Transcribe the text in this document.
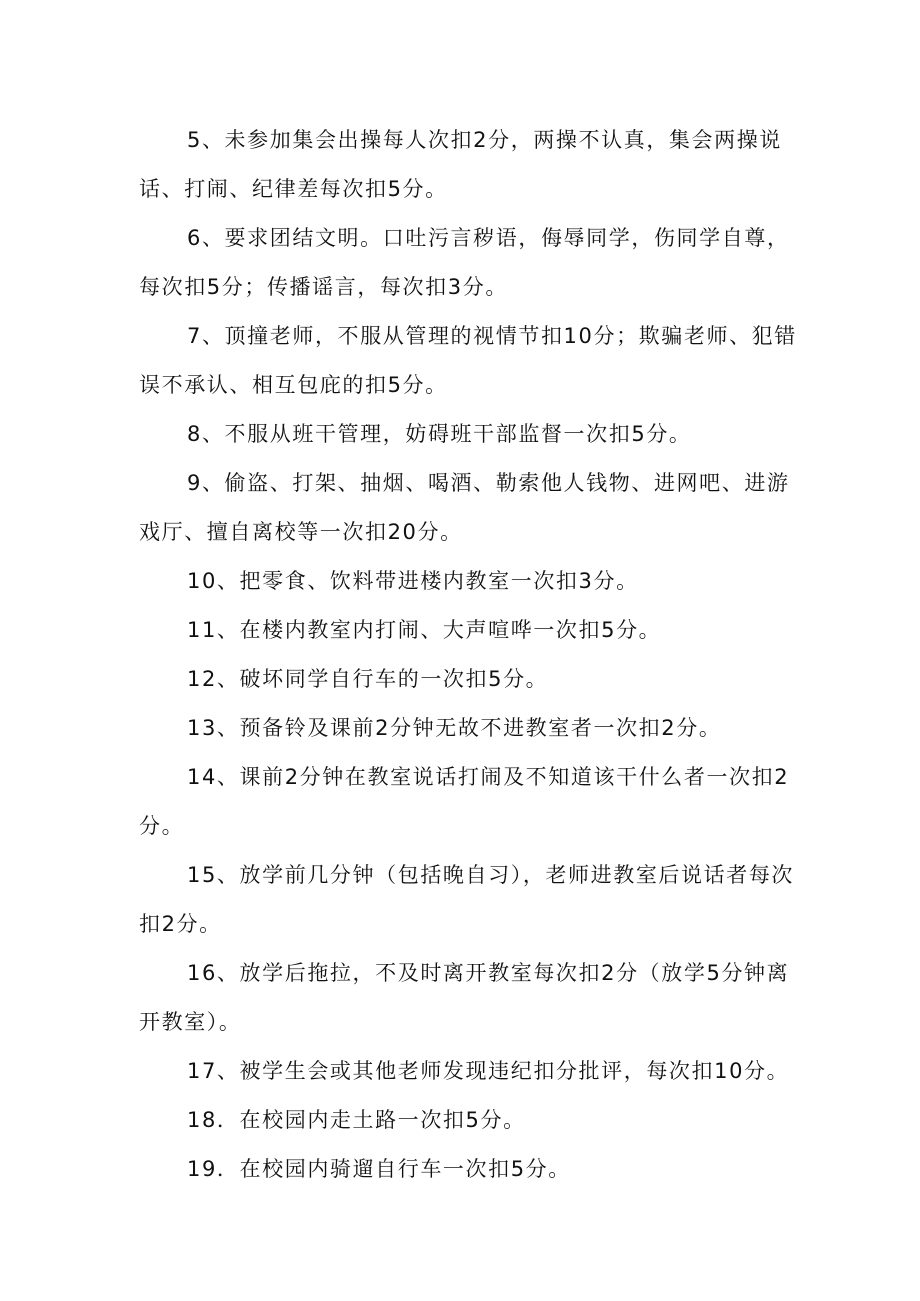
5、未参加集会出操每人次扣2分，两操不认真，集会两操说话、打闹、纪律差每次扣5分。

6、要求团结文明。口吐污言秽语，侮辱同学，伤同学自尊，每次扣5分；传播谣言，每次扣3分。

7、顶撞老师，不服从管理的视情节扣10分；欺骗老师、犯错误不承认、相互包庇的扣5分。

8、不服从班干管理，妨碍班干部监督一次扣5分。

9、偷盗、打架、抽烟、喝酒、勒索他人钱物、进网吧、进游戏厅、擅自离校等一次扣20分。

10、把零食、饮料带进楼内教室一次扣3分。

11、在楼内教室内打闹、大声喧哗一次扣5分。

12、破坏同学自行车的一次扣5分。

13、预备铃及课前2分钟无故不进教室者一次扣2分。

14、课前2分钟在教室说话打闹及不知道该干什么者一次扣2分。

15、放学前几分钟（包括晚自习），老师进教室后说话者每次扣2分。

16、放学后拖拉，不及时离开教室每次扣2分（放学5分钟离开教室）。

17、被学生会或其他老师发现违纪扣分批评，每次扣10分。

18．在校园内走土路一次扣5分。

19．在校园内骑遛自行车一次扣5分。
